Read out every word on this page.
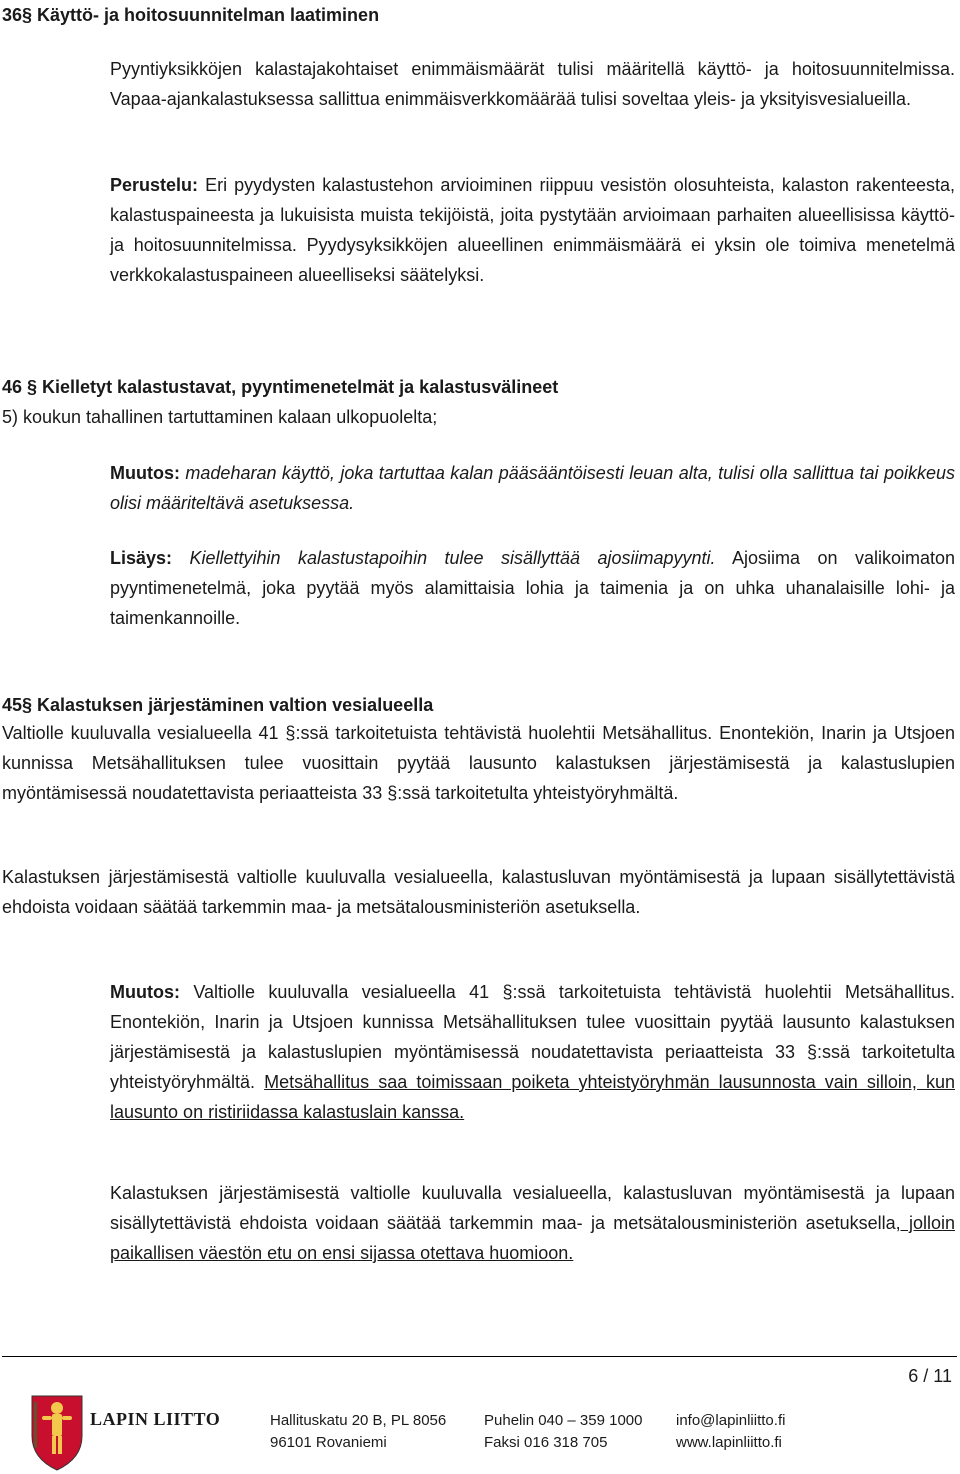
36§ Käyttö- ja hoitosuunnitelman laatiminen

Pyyntiyksikköjen kalastajakohtaiset enimmäismäärät tulisi määritellä käyttö- ja hoitosuunnitelmissa. Vapaa-ajankalastuksessa sallittua enimmäisverkkomäärää tulisi soveltaa yleis- ja yksityisvesialueilla.

Perustelu: Eri pyydysten kalastustehon arvioiminen riippuu vesistön olosuhteista, kalaston rakenteesta, kalastuspaineesta ja lukuisista muista tekijöistä, joita pystytään arvioimaan parhaiten alueellisissa käyttö- ja hoitosuunnitelmissa. Pyydysyksikköjen alueellinen enimmäismäärä ei yksin ole toimiva menetelmä verkkokalastuspaineen alueelliseksi säätelyksi.

46 § Kielletyt kalastustavat, pyyntimenetelmät ja kalastusvälineet

5) koukun tahallinen tartuttaminen kalaan ulkopuolelta;

Muutos: madeharan käyttö, joka tartuttaa kalan pääsääntöisesti leuan alta, tulisi olla sallittua tai poikkeus olisi määriteltävä asetuksessa.

Lisäys: Kiellettyihin kalastustapoihin tulee sisällyttää ajosiimapyynti. Ajosiima on valikoimaton pyyntimenetelmä, joka pyytää myös alamittaisia lohia ja taimenia ja on uhka uhanalaisille lohi- ja taimenkannoille.

45§ Kalastuksen järjestäminen valtion vesialueella

Valtiolle kuuluvalla vesialueella 41 §:ssä tarkoitetuista tehtävistä huolehtii Metsähallitus. Enontekiön, Inarin ja Utsjoen kunnissa Metsähallituksen tulee vuosittain pyytää lausunto kalastuksen järjestämisestä ja kalastuslupien myöntämisessä noudatettavista periaatteista 33 §:ssä tarkoitetulta yhteistyöryhmältä.

Kalastuksen järjestämisestä valtiolle kuuluvalla vesialueella, kalastusluvan myöntämisestä ja lupaan sisällytettävistä ehdoista voidaan säätää tarkemmin maa- ja metsätalousministeriön asetuksella.

Muutos: Valtiolle kuuluvalla vesialueella 41 §:ssä tarkoitetuista tehtävistä huolehtii Metsähallitus. Enontekiön, Inarin ja Utsjoen kunnissa Metsähallituksen tulee vuosittain pyytää lausunto kalastuksen järjestämisestä ja kalastuslupien myöntämisessä noudatettavista periaatteista 33 §:ssä tarkoitetulta yhteistyöryhmältä. Metsähallitus saa toimissaan poiketa yhteistyöryhmän lausunnosta vain silloin, kun lausunto on ristiriidassa kalastuslain kanssa.

Kalastuksen järjestämisestä valtiolle kuuluvalla vesialueella, kalastusluvan myöntämisestä ja lupaan sisällytettävistä ehdoista voidaan säätää tarkemmin maa- ja metsätalousministeriön asetuksella, jolloin paikallisen väestön etu on ensi sijassa otettava huomioon.

6 / 11
LAPIN LIITTO	Hallituskatu 20 B, PL 8056
96101 Rovaniemi
Puhelin 040 – 359 1000
Faksi 016 318 705
info@lapinliitto.fi
www.lapinliitto.fi
